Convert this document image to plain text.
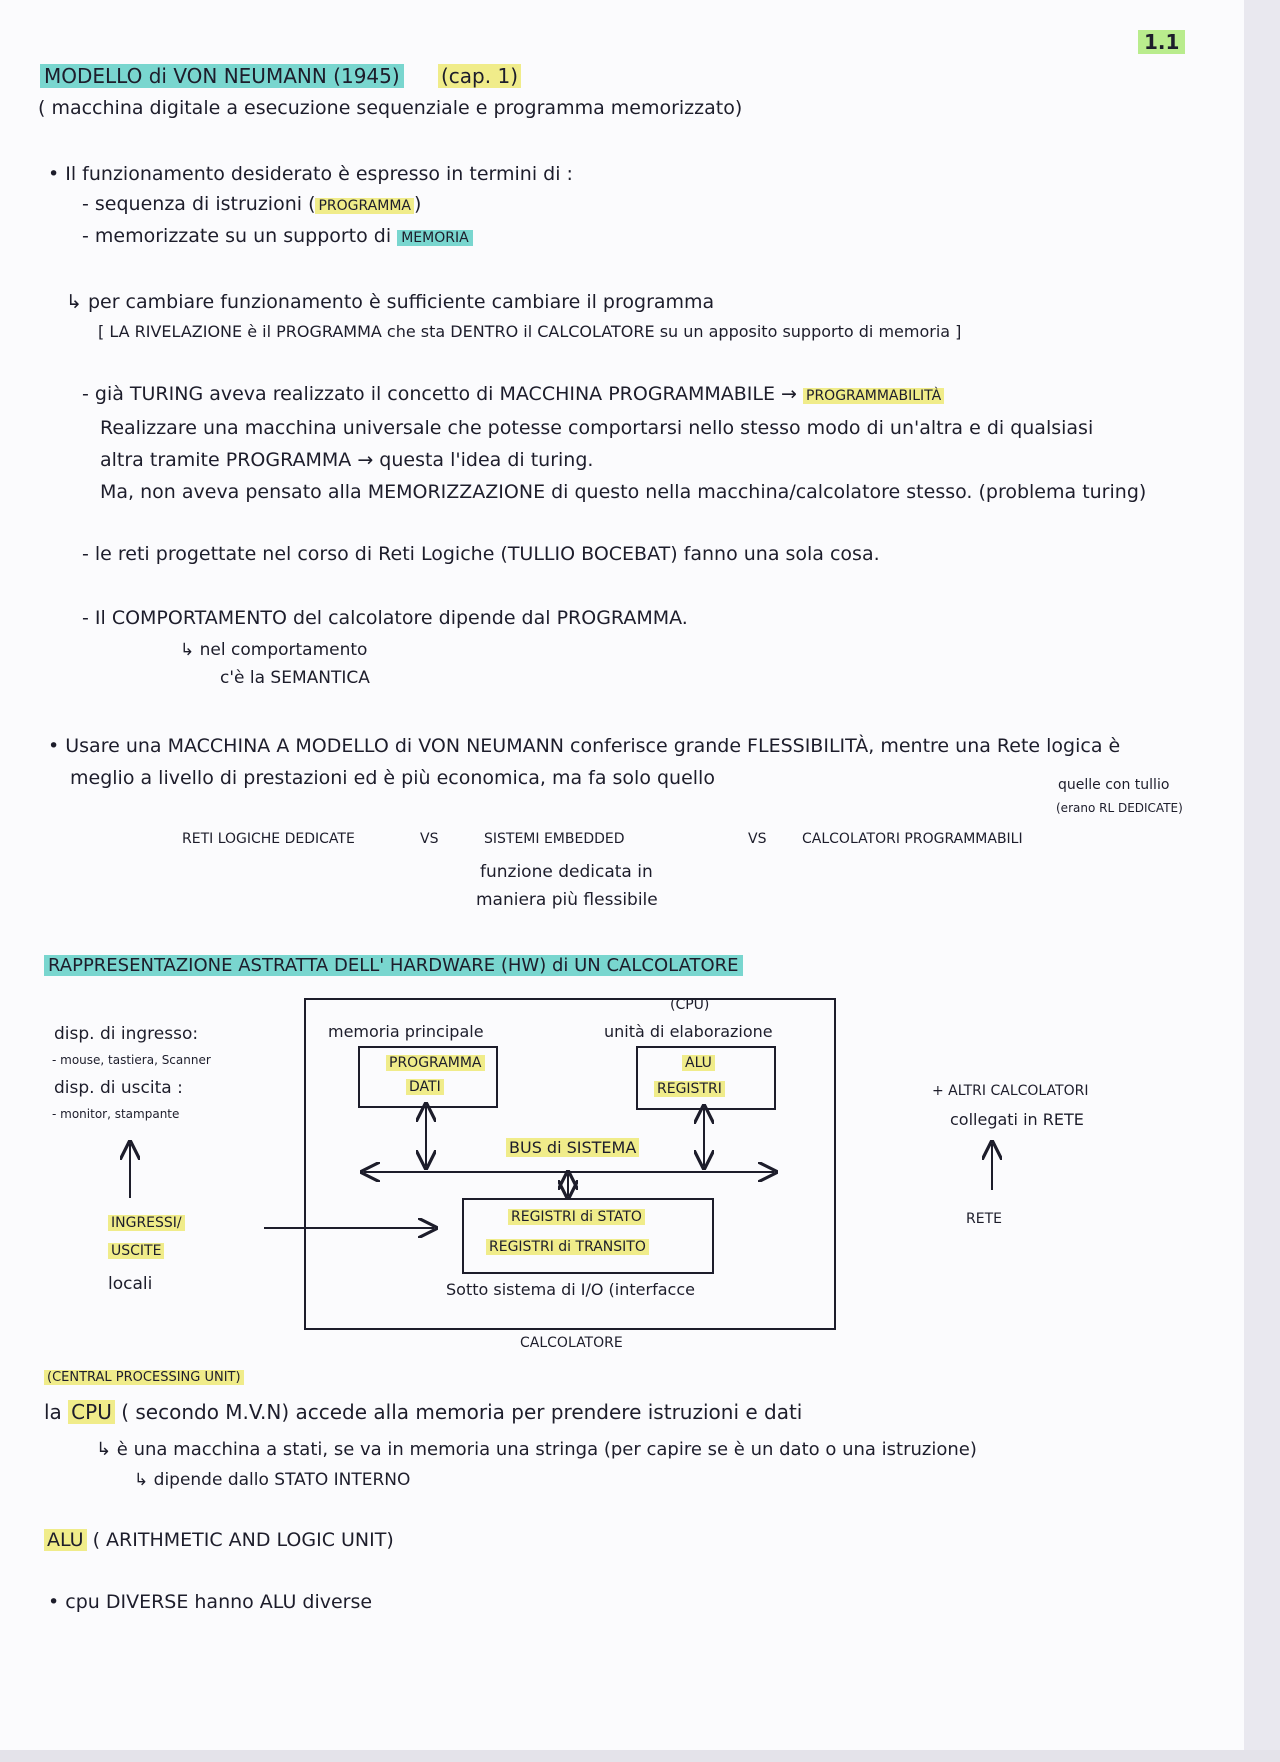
1.1
MODELLO di VON NEUMANN (1945) (cap. 1)
( macchina digitale a esecuzione sequenziale e programma memorizzato)
• Il funzionamento desiderato è espresso in termini di :
- sequenza di istruzioni ( PROGRAMMA )
- memorizzate su un supporto di MEMORIA
↳ per cambiare funzionamento è sufficiente cambiare il programma
[ LA RIVELAZIONE è il PROGRAMMA che sta DENTRO il CALCOLATORE su un apposito supporto di memoria ]
- già TURING aveva realizzato il concetto di MACCHINA PROGRAMMABILE → PROGRAMMABILITÀ
Realizzare una macchina universale che potesse comportarsi nello stesso modo di un'altra e di qualsiasi
altra tramite PROGRAMMA → questa l'idea di turing.
Ma, non aveva pensato alla MEMORIZZAZIONE di questo nella macchina/calcolatore stesso. (problema turing)
- le reti progettate nel corso di Reti Logiche (TULLIO BOCEBAT) fanno una sola cosa.
- Il COMPORTAMENTO del calcolatore dipende dal PROGRAMMA.
↳ nel comportamento
c'è la SEMANTICA
• Usare una MACCHINA A MODELLO di VON NEUMANN conferisce grande FLESSIBILITÀ, mentre una Rete logica è
meglio a livello di prestazioni ed è più economica, ma fa solo quello	quelle con tullio
(erano RL DEDICATE)
RETI LOGICHE DEDICATE	VS	SISTEMI EMBEDDED	VS	CALCOLATORI PROGRAMMABILI
funzione dedicata in
maniera più flessibile
RAPPRESENTAZIONE ASTRATTA DELL' HARDWARE (HW) di UN CALCOLATORE
memoria principale
PROGRAMMA
DATI
(CPU)
unità di elaborazione
ALU
REGISTRI
BUS di SISTEMA
REGISTRI di STATO
REGISTRI di TRANSITO
Sotto sistema di I/O (interfacce
CALCOLATORE
disp. di ingresso:
- mouse, tastiera, Scanner
disp. di uscita :
- monitor, stampante
INGRESSI/
USCITE
locali
+ ALTRI CALCOLATORI
collegati in RETE
RETE
(CENTRAL PROCESSING UNIT)
la CPU ( secondo M.V.N) accede alla memoria per prendere istruzioni e dati
↳ è una macchina a stati, se va in memoria una stringa (per capire se è un dato o una istruzione)
↳ dipende dallo STATO INTERNO
ALU ( ARITHMETIC AND LOGIC UNIT)
• cpu DIVERSE hanno ALU diverse
